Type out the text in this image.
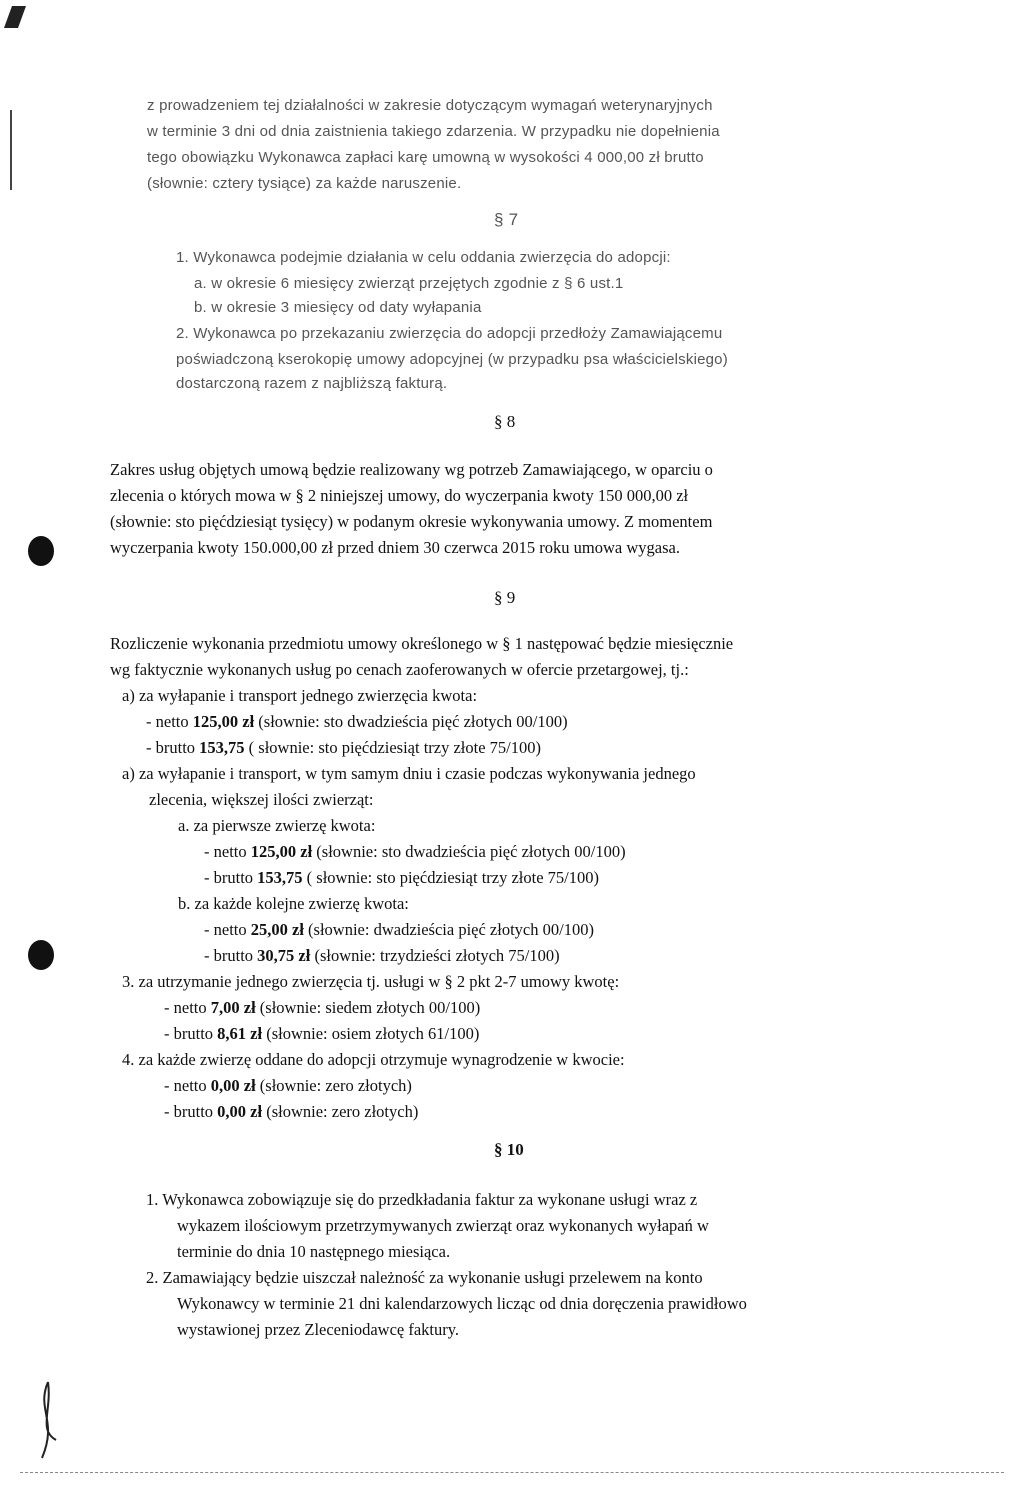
z prowadzeniem tej działalności w zakresie dotyczącym wymagań weterynaryjnych
w terminie 3 dni od dnia zaistnienia takiego zdarzenia. W przypadku nie dopełnienia
tego obowiązku Wykonawca zapłaci karę umowną w wysokości 4 000,00 zł brutto
(słownie: cztery tysiące) za każde naruszenie.
§ 7
1. Wykonawca podejmie działania w celu oddania zwierzęcia do adopcji:
a. w okresie 6 miesięcy zwierząt przejętych zgodnie z § 6 ust.1
b. w okresie 3 miesięcy od daty wyłapania
2. Wykonawca po przekazaniu zwierzęcia do adopcji przedłoży Zamawiającemu
poświadczoną kserokopię umowy adopcyjnej (w przypadku psa właścicielskiego)
dostarczoną razem z najbliższą fakturą.
§ 8
Zakres usług objętych umową będzie realizowany wg potrzeb Zamawiającego, w oparciu o
zlecenia o których mowa w § 2 niniejszej umowy, do wyczerpania kwoty 150 000,00 zł
(słownie: sto pięćdziesiąt tysięcy) w podanym okresie wykonywania umowy. Z momentem
wyczerpania kwoty 150.000,00 zł przed dniem 30 czerwca 2015 roku umowa wygasa.
§ 9
Rozliczenie wykonania przedmiotu umowy określonego w § 1 następować będzie miesięcznie
wg faktycznie wykonanych usług po cenach zaoferowanych w ofercie przetargowej, tj.:
a) za wyłapanie i transport jednego zwierzęcia kwota:
- netto 125,00 zł (słownie: sto dwadzieścia pięć złotych 00/100)
- brutto 153,75 ( słownie: sto pięćdziesiąt trzy złote 75/100)
a) za wyłapanie i transport, w tym samym dniu i czasie podczas wykonywania jednego
zlecenia, większej ilości zwierząt:
a. za pierwsze zwierzę kwota:
- netto 125,00 zł (słownie: sto dwadzieścia pięć złotych 00/100)
- brutto 153,75 ( słownie: sto pięćdziesiąt trzy złote 75/100)
b. za każde kolejne zwierzę kwota:
- netto 25,00 zł (słownie: dwadzieścia pięć złotych 00/100)
- brutto 30,75 zł (słownie: trzydzieści złotych 75/100)
3. za utrzymanie jednego zwierzęcia tj. usługi w § 2 pkt 2-7 umowy kwotę:
- netto 7,00 zł (słownie: siedem złotych 00/100)
- brutto 8,61 zł (słownie: osiem złotych 61/100)
4. za każde zwierzę oddane do adopcji otrzymuje wynagrodzenie w kwocie:
- netto 0,00 zł (słownie: zero złotych)
- brutto 0,00 zł (słownie: zero złotych)
§ 10
1. Wykonawca zobowiązuje się do przedkładania faktur za wykonane usługi wraz z
wykazem ilościowym przetrzymywanych zwierząt oraz wykonanych wyłapań w
terminie do dnia 10 następnego miesiąca.
2. Zamawiający będzie uiszczał należność za wykonanie usługi przelewem na konto
Wykonawcy w terminie 21 dni kalendarzowych licząc od dnia doręczenia prawidłowo
wystawionej przez Zleceniodawcę faktury.
